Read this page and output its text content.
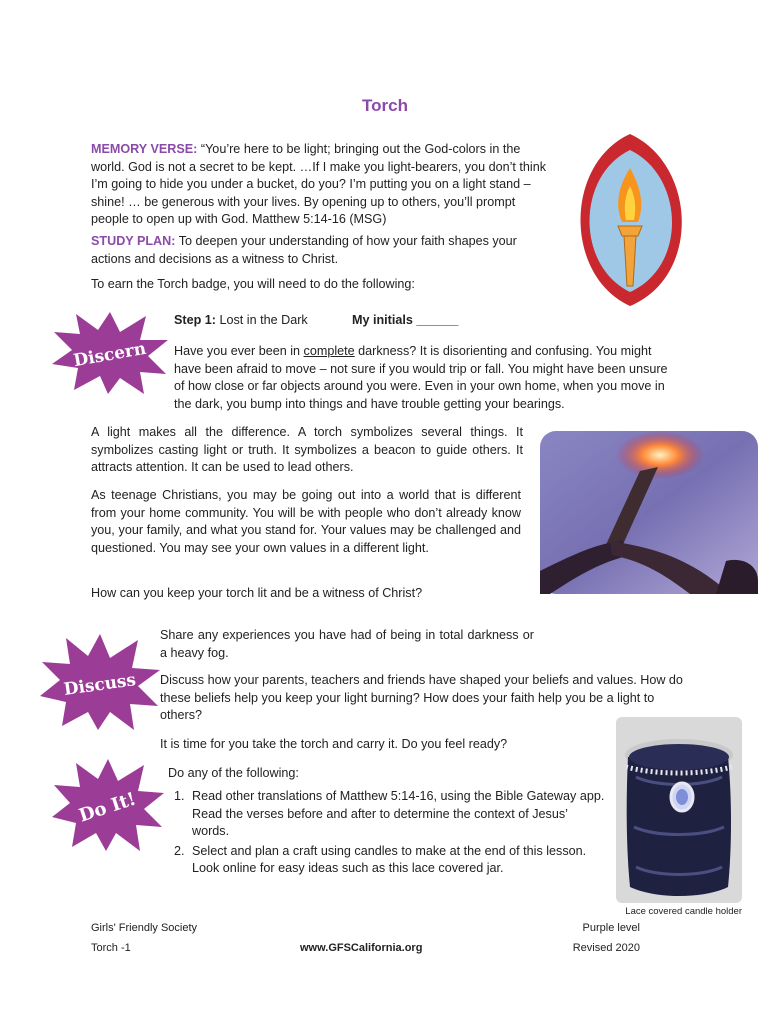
Torch

MEMORY VERSE: “You’re here to be light; bringing out the God-colors in the world. God is not a secret to be kept. …If I make you light-bearers, you don’t think I’m going to hide you under a bucket, do you? I’m putting you on a light stand – shine! … be generous with your lives. By opening up to others, you’ll prompt people to open up with God. Matthew 5:14-16 (MSG)

STUDY PLAN: To deepen your understanding of how your faith shapes your actions and decisions as a witness to Christ.

To earn the Torch badge, you will need to do the following:

Discern
Step 1: Lost in the Dark	My initials ______
Have you ever been in complete darkness? It is disorienting and confusing. You might have been afraid to move – not sure if you would trip or fall. You might have been unsure of how close or far objects around you were. Even in your own home, when you move in the dark, you bump into things and have trouble getting your bearings.

A light makes all the difference. A torch symbolizes several things. It symbolizes casting light or truth. It symbolizes a beacon to guide others. It attracts attention. It can be used to lead others.

As teenage Christians, you may be going out into a world that is different from your home community. You will be with people who don’t already know you, your family, and what you stand for. Your values may be challenged and questioned. You may see your own values in a different light.

How can you keep your torch lit and be a witness of Christ?

Discuss

Share any experiences you have had of being in total darkness or a heavy fog.

Discuss how your parents, teachers and friends have shaped your beliefs and values. How do these beliefs help you keep your light burning? How does your faith help you be a light to others?

It is time for you take the torch and carry it. Do you feel ready?

Do It!

Do any of the following:

1. Read other translations of Matthew 5:14-16, using the Bible Gateway app. Read the verses before and after to determine the context of Jesus’ words.
2. Select and plan a craft using candles to make at the end of this lesson. Look online for easy ideas such as this lace covered jar.
Lace covered candle holder
Girls' Friendly Society	Purple level
Torch -1	www.GFSCalifornia.org	Revised 2020
